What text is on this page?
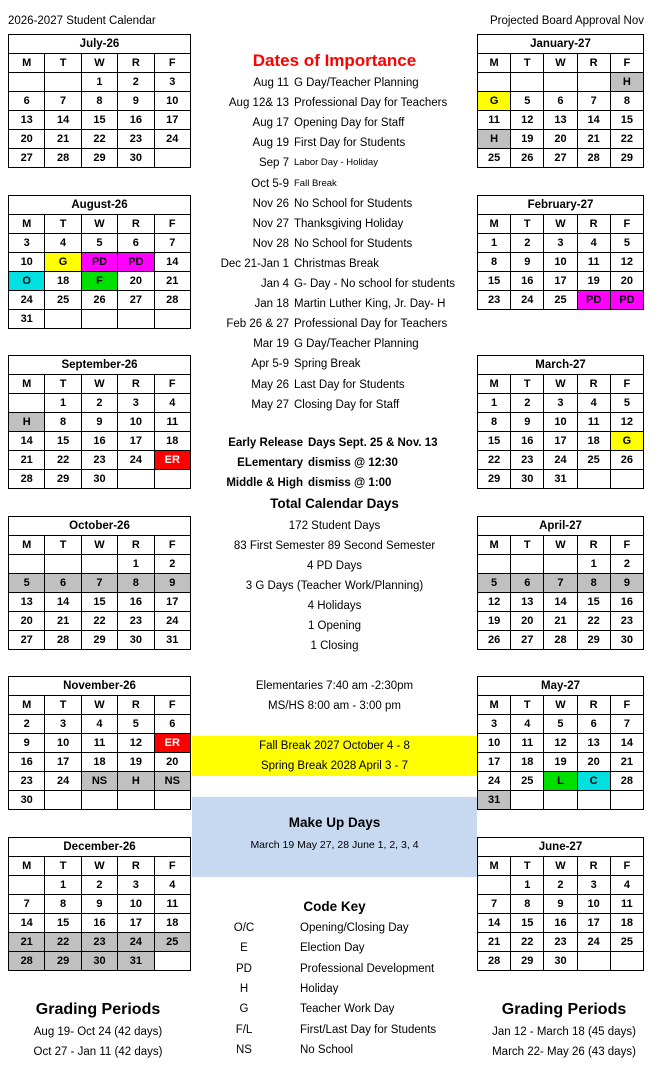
2026-2027 Student Calendar	Projected Board Approval Nov
July-26				
M	T	W	R	F
		1	2	3
6	7	8	9	10
13	14	15	16	17
20	21	22	23	24
27	28	29	30	
August-26				
M	T	W	R	F
3	4	5	6	7
10	G	PD	PD	14
O	18	F	20	21
24	25	26	27	28
31				
September-26				
M	T	W	R	F
	1	2	3	4
H	8	9	10	11
14	15	16	17	18
21	22	23	24	ER
28	29	30		
October-26				
M	T	W	R	F
			1	2
5	6	7	8	9
13	14	15	16	17
20	21	22	23	24
27	28	29	30	31
November-26				
M	T	W	R	F
2	3	4	5	6
9	10	11	12	ER
16	17	18	19	20
23	24	NS	H	NS
30				
December-26				
M	T	W	R	F
	1	2	3	4
7	8	9	10	11
14	15	16	17	18
21	22	23	24	25
28	29	30	31	
January-27				
M	T	W	R	F
				H
G	5	6	7	8
11	12	13	14	15
H	19	20	21	22
25	26	27	28	29
February-27				
M	T	W	R	F
1	2	3	4	5
8	9	10	11	12
15	16	17	19	20
23	24	25	PD	PD
March-27				
M	T	W	R	F
1	2	3	4	5
8	9	10	11	12
15	16	17	18	G
22	23	24	25	26
29	30	31		
April-27				
M	T	W	R	F
			1	2
5	6	7	8	9
12	13	14	15	16
19	20	21	22	23
26	27	28	29	30
May-27				
M	T	W	R	F
3	4	5	6	7
10	11	12	13	14
17	18	19	20	21
24	25	L	C	28
31				
June-27				
M	T	W	R	F
	1	2	3	4
7	8	9	10	11
14	15	16	17	18
21	22	23	24	25
28	29	30		
Dates of Importance
Aug 11 G Day/Teacher Planning
Aug 12& 13 Professional Day for Teachers
Aug 17 Opening Day for Staff
Aug 19 First Day for Students
Sep 7 Labor Day - Holiday
Oct 5-9 Fall Break
Nov 26 No School for Students
Nov 27 Thanksgiving Holiday
Nov 28 No School for Students
Dec 21-Jan 1 Christmas Break
Jan 4 G- Day - No school for students
Jan 18 Martin Luther King, Jr. Day- H
Feb 26 & 27 Professional Day for Teachers
Mar 19 G Day/Teacher Planning
Apr 5-9 Spring Break
May 26 Last Day for Students
May 27 Closing Day for Staff
Early Release Days Sept. 25 & Nov. 13
ELementary dismiss @ 12:30
Middle & High dismiss @ 1:00
Total Calendar Days
172 Student Days
83 First Semester 89 Second Semester
4 PD Days
3 G Days (Teacher Work/Planning)
4 Holidays
1 Opening
1 Closing
Elementaries 7:40 am -2:30pm
MS/HS 8:00 am - 3:00 pm
Fall Break 2027 October 4 - 8
Spring Break 2028 April 3 - 7
Make Up Days
March 19 May 27, 28 June 1, 2, 3, 4
Code Key
O/C	Opening/Closing Day
E	Election Day
PD	Professional Development
H	Holiday
G	Teacher Work Day
F/L	First/Last Day for Students
NS	No School
Grading Periods
Aug 19- Oct 24 (42 days)
Oct 27 - Jan 11 (42 days)
Grading Periods
Jan 12 - March 18 (45 days)
March 22- May 26 (43 days)
